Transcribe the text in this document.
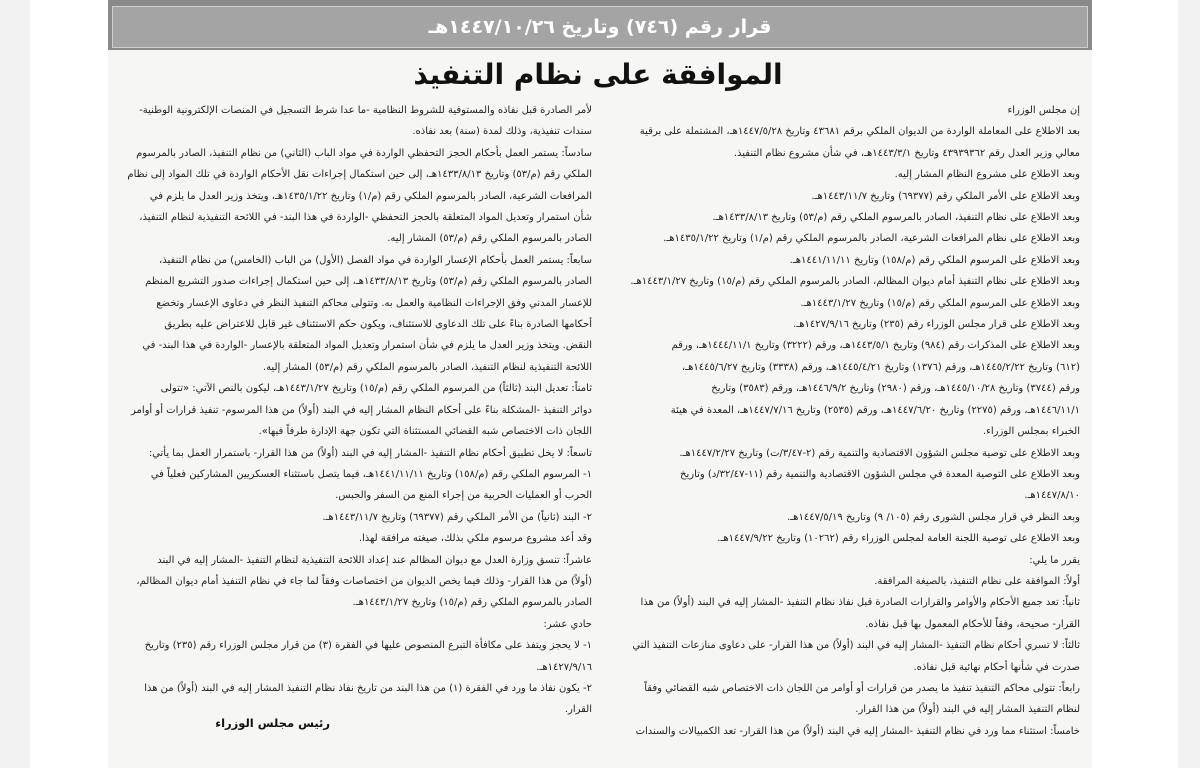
قرار رقم (٧٤٦) وتاريخ ١٤٤٧/١٠/٢٦هـ
الموافقة على نظام التنفيذ

إن مجلس الوزراء

بعد الاطلاع على المعاملة الواردة من الديوان الملكي برقم ٤٣٦٨١ وتاريخ ١٤٤٧/٥/٢٨هـ، المشتملة على برقية

معالي وزير العدل رقم ٤٣٩٣٩٣٦٢ وتاريخ ١٤٤٣/٣/١هـ، في شأن مشروع نظام التنفيذ.

وبعد الاطلاع على مشروع النظام المشار إليه.

وبعد الاطلاع على الأمر الملكي رقم (٦٩٣٧٧) وتاريخ ١٤٤٣/١١/٧هـ.

وبعد الاطلاع على نظام التنفيذ، الصادر بالمرسوم الملكي رقم (م/٥٣) وتاريخ ١٤٣٣/٨/١٣هـ.

وبعد الاطلاع على نظام المرافعات الشرعية، الصادر بالمرسوم الملكي رقم (م/١) وتاريخ ١٤٣٥/١/٢٢هـ.

وبعد الاطلاع على المرسوم الملكي رقم (م/١٥٨) وتاريخ ١٤٤١/١١/١١هـ.

وبعد الاطلاع على نظام التنفيذ أمام ديوان المظالم، الصادر بالمرسوم الملكي رقم (م/١٥) وتاريخ ١٤٤٣/١/٢٧هـ.

وبعد الاطلاع على المرسوم الملكي رقم (م/١٥) وتاريخ ١٤٤٣/١/٢٧هـ.

وبعد الاطلاع على قرار مجلس الوزراء رقم (٢٣٥) وتاريخ ١٤٢٧/٩/١٦هـ.

وبعد الاطلاع على المذكرات رقم (٩٨٤) وتاريخ ١٤٤٣/٥/١هـ، ورقم (٣٢٢٢) وتاريخ ١٤٤٤/١١/١هـ، ورقم

(٦١٢) وتاريخ ١٤٤٥/٢/٢٢هـ، ورقم (١٣٧٦) وتاريخ ١٤٤٥/٤/٢١هـ، ورقم (٣٣٣٨) وتاريخ ١٤٤٥/٦/٢٧هـ،

ورقم (٣٧٤٤) وتاريخ ١٤٤٥/١٠/٢٨هـ، ورقم (٢٩٨٠) وتاريخ ١٤٤٦/٩/٢هـ، ورقم (٣٥٨٣) وتاريخ

١٤٤٦/١١/١هـ، ورقم (٢٢٧٥) وتاريخ ١٤٤٧/٦/٢٠هـ، ورقم (٢٥٣٥) وتاريخ ١٤٤٧/٧/١٦هـ، المعدة في هيئة

الخبراء بمجلس الوزراء.

وبعد الاطلاع على توصية مجلس الشؤون الاقتصادية والتنمية رقم (٢-٣/٤٧/ت) وتاريخ ١٤٤٧/٢/٢٧هـ.

وبعد الاطلاع على التوصية المعدة في مجلس الشؤون الاقتصادية والتنمية رقم (١١-٣٢/٤٧/د) وتاريخ

١٤٤٧/٨/١٠هـ.

وبعد النظر في قرار مجلس الشورى رقم (١٠٥/ ٩) وتاريخ ١٤٤٧/٥/١٩هـ.

وبعد الاطلاع على توصية اللجنة العامة لمجلس الوزراء رقم (١٠٢٦٢) وتاريخ ١٤٤٧/٩/٢٢هـ.

يقرر ما يلي:

أولاً: الموافقة على نظام التنفيذ، بالصيغة المرافقة.

ثانياً: تعد جميع الأحكام والأوامر والقرارات الصادرة قبل نفاذ نظام التنفيذ -المشار إليه في البند (أولاً) من هذا

القرار- صحيحة، وفقاً للأحكام المعمول بها قبل نفاذه.

ثالثاً: لا تسري أحكام نظام التنفيذ -المشار إليه في البند (أولاً) من هذا القرار- على دعاوى منازعات التنفيذ التي

صدرت في شأنها أحكام نهائية قبل نفاذه.

رابعاً: تتولى محاكم التنفيذ تنفيذ ما يصدر من قرارات أو أوامر من اللجان ذات الاختصاص شبه القضائي وفقاً

لنظام التنفيذ المشار إليه في البند (أولاً) من هذا القرار.

خامساً: استثناء مما ورد في نظام التنفيذ -المشار إليه في البند (أولاً) من هذا القرار- تعد الكمبيالات والسندات

لأمر الصادرة قبل نفاذه والمستوفية للشروط النظامية -ما عدا شرط التسجيل في المنصات الإلكترونية الوطنية-

سندات تنفيذية، وذلك لمدة (سنة) بعد نفاذه.

سادساً: يستمر العمل بأحكام الحجز التحفظي الواردة في مواد الباب (الثاني) من نظام التنفيذ، الصادر بالمرسوم

الملكي رقم (م/٥٣) وتاريخ ١٤٣٣/٨/١٣هـ، إلى حين استكمال إجراءات نقل الأحكام الواردة في تلك المواد إلى نظام

المرافعات الشرعية، الصادر بالمرسوم الملكي رقم (م/١) وتاريخ ١٤٣٥/١/٢٢هـ، ويتخذ وزير العدل ما يلزم في

شأن استمرار وتعديل المواد المتعلقة بالحجز التحفظي -الواردة في هذا البند- في اللائحة التنفيذية لنظام التنفيذ،

الصادر بالمرسوم الملكي رقم (م/٥٣) المشار إليه.

سابعاً: يستمر العمل بأحكام الإعسار الواردة في مواد الفصل (الأول) من الباب (الخامس) من نظام التنفيذ،

الصادر بالمرسوم الملكي رقم (م/٥٣) وتاريخ ١٤٣٣/٨/١٣هـ، إلى حين استكمال إجراءات صدور التشريع المنظم

للإعسار المدني وفق الإجراءات النظامية والعمل به. وتتولى محاكم التنفيذ النظر في دعاوى الإعسار وتخضع

أحكامها الصادرة بناءً على تلك الدعاوى للاستئناف، ويكون حكم الاستئناف غير قابل للاعتراض عليه بطريق

النقض. ويتخذ وزير العدل ما يلزم في شأن استمرار وتعديل المواد المتعلقة بالإعسار -الواردة في هذا البند- في

اللائحة التنفيذية لنظام التنفيذ، الصادر بالمرسوم الملكي رقم (م/٥٣) المشار إليه.

ثامناً: تعديل البند (ثالثاً) من المرسوم الملكي رقم (م/١٥) وتاريخ ١٤٤٣/١/٢٧هـ، ليكون بالنص الآتي: «تتولى

دوائر التنفيذ -المشكلة بناءً على أحكام النظام المشار إليه في البند (أولاً) من هذا المرسوم- تنفيذ قرارات أو أوامر

اللجان ذات الاختصاص شبه القضائي المستثناة التي تكون جهة الإدارة طرفاً فيها».

تاسعاً: لا يخل تطبيق أحكام نظام التنفيذ -المشار إليه في البند (أولاً) من هذا القرار- باستمرار العمل بما يأتي:

١- المرسوم الملكي رقم (م/١٥٨) وتاريخ ١٤٤١/١١/١١هـ، فيما يتصل باستثناء العسكريين المشاركين فعلياً في

الحرب أو العمليات الحربية من إجراء المنع من السفر والحبس.

٢- البند (ثانياً) من الأمر الملكي رقم (٦٩٣٧٧) وتاريخ ١٤٤٣/١١/٧هـ.

وقد أعد مشروع مرسوم ملكي بذلك، صيغته مرافقة لهذا.

عاشراً: تنسق وزارة العدل مع ديوان المظالم عند إعداد اللائحة التنفيذية لنظام التنفيذ -المشار إليه في البند

(أولاً) من هذا القرار- وذلك فيما يخص الديوان من اختصاصات وفقاً لما جاء في نظام التنفيذ أمام ديوان المظالم،

الصادر بالمرسوم الملكي رقم (م/١٥) وتاريخ ١٤٤٣/١/٢٧هـ.

حادي عشر:

١- لا يحجز ويتفذ على مكافأة التبرع المنصوص عليها في الفقرة (٣) من قرار مجلس الوزراء رقم (٢٣٥) وتاريخ

١٤٢٧/٩/١٦هـ.

٢- يكون نفاذ ما ورد في الفقرة (١) من هذا البند من تاريخ نفاذ نظام التنفيذ المشار إليه في البند (أولاً) من هذا

القرار.

رئيس مجلس الوزراء
